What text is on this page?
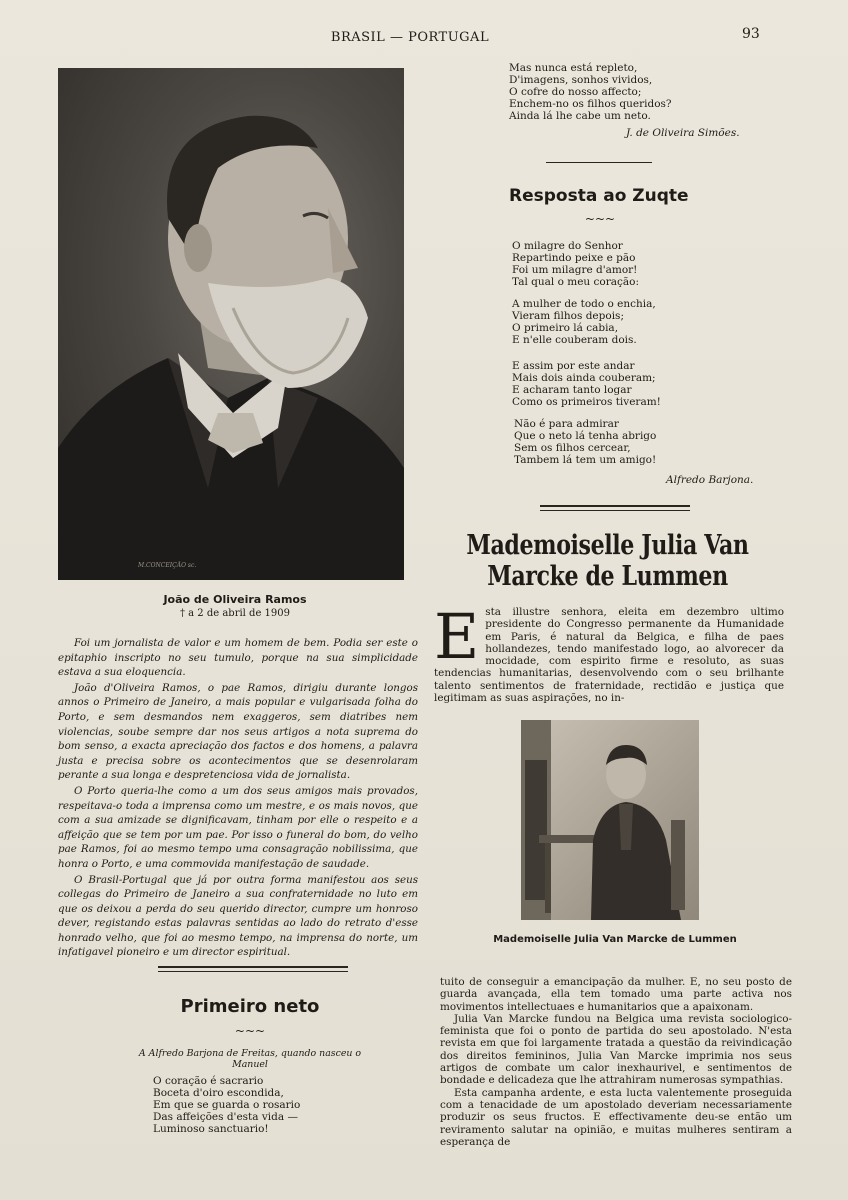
BRASIL — PORTUGAL	93
M.CONCEIÇÃO sc.
João de Oliveira Ramos
† a 2 de abril de 1909

Foi um jornalista de valor e um homem de bem. Podia ser este o epitaphio inscripto no seu tumulo, porque na sua simplicidade estava a sua eloquencia.

João d'Oliveira Ramos, o pae Ramos, dirigiu durante longos annos o Primeiro de Janeiro, a mais popular e vulgarisada folha do Porto, e sem desmandos nem exaggeros, sem diatribes nem violencias, soube sempre dar nos seus artigos a nota suprema do bom senso, a exacta apreciação dos factos e dos homens, a palavra justa e precisa sobre os acontecimentos que se desenrolaram perante a sua longa e despretenciosa vida de jornalista.

O Porto queria-lhe como a um dos seus amigos mais provados, respeitava-o toda a imprensa como um mestre, e os mais novos, que com a sua amizade se dignificavam, tinham por elle o respeito e a affeição que se tem por um pae. Por isso o funeral do bom, do velho pae Ramos, foi ao mesmo tempo uma consagração nobilissima, que honra o Porto, e uma commovida manifestação de saudade.

O Brasil-Portugal que já por outra forma manifestou aos seus collegas do Primeiro de Janeiro a sua confraternidade no luto em que os deixou a perda do seu querido director, cumpre um honroso dever, registando estas palavras sentidas ao lado do retrato d'esse honrado velho, que foi ao mesmo tempo, na imprensa do norte, um infatigavel pioneiro e um director espiritual.

Primeiro neto
~~~
A Alfredo Barjona de Freitas, quando nasceu o Manuel
O coração é sacrario
Boceta d'oiro escondida,
Em que se guarda o rosario
Das affeições d'esta vida —
Luminoso sanctuario!
Mas nunca está repleto,
D'imagens, sonhos vividos,
O cofre do nosso affecto;
Enchem-no os filhos queridos?
Ainda lá lhe cabe um neto.
J. de Oliveira Simões.
Resposta ao Zuqte
~~~
O milagre do Senhor
Repartindo peixe e pão
Foi um milagre d'amor!
Tal qual o meu coração:
A mulher de todo o enchia,
Vieram filhos depois;
O primeiro lá cabia,
E n'elle couberam dois.
E assim por este andar
Mais dois ainda couberam;
E acharam tanto logar
Como os primeiros tiveram!
Não é para admirar
Que o neto lá tenha abrigo
Sem os filhos cercear,
Tambem lá tem um amigo!
Alfredo Barjona.
Mademoiselle Julia Van Marcke de Lummen
Esta illustre senhora, eleita em dezembro ultimo presidente do Congresso permanente da Humanidade em Paris, é natural da Belgica, e filha de paes hollandezes, tendo manifestado logo, ao alvorecer da mocidade, com espirito firme e resoluto, as suas tendencias humanitarias, desenvolvendo com o seu brilhante talento sentimentos de fraternidade, rectidão e justiça que legitimam as suas aspirações, no in-
Mademoiselle Julia Van Marcke de Lummen

tuito de conseguir a emancipação da mulher. E, no seu posto de guarda avançada, ella tem tomado uma parte activa nos movimentos intellectuaes e humanitarios que a apaixonam.

Julia Van Marcke fundou na Belgica uma revista sociologico-feminista que foi o ponto de partida do seu apostolado. N'esta revista em que foi largamente tratada a questão da reivindicação dos direitos femininos, Julia Van Marcke imprimia nos seus artigos de combate um calor inexhaurivel, e sentimentos de bondade e delicadeza que lhe attrahiram numerosas sympathias.

Esta campanha ardente, e esta lucta valentemente proseguida com a tenacidade de um apostolado deveriam necessariamente produzir os seus fructos. E effectivamente deu-se então um reviramento salutar na opinião, e muitas mulheres sentiram a esperança de
